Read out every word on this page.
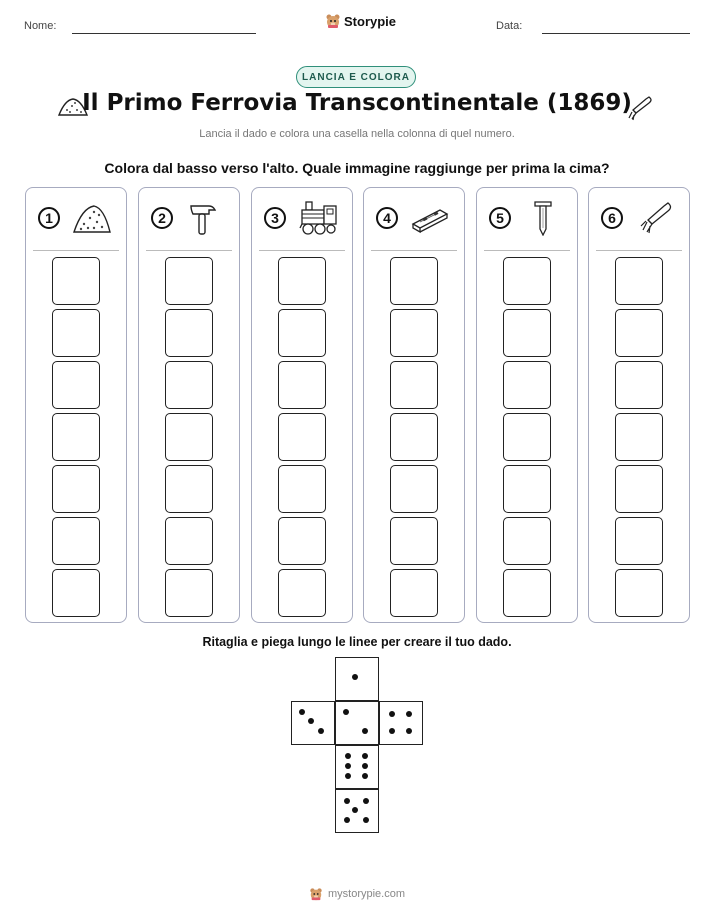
Nome:	Storypie	Data:
LANCIA E COLORA
Il Primo Ferrovia Transcontinentale (1869)
Lancia il dado e colora una casella nella colonna di quel numero.
Colora dal basso verso l'alto. Quale immagine raggiunge per prima la cima?
1	2	3	4	5	6
Ritaglia e piega lungo le linee per creare il tuo dado.
mystorypie.com
